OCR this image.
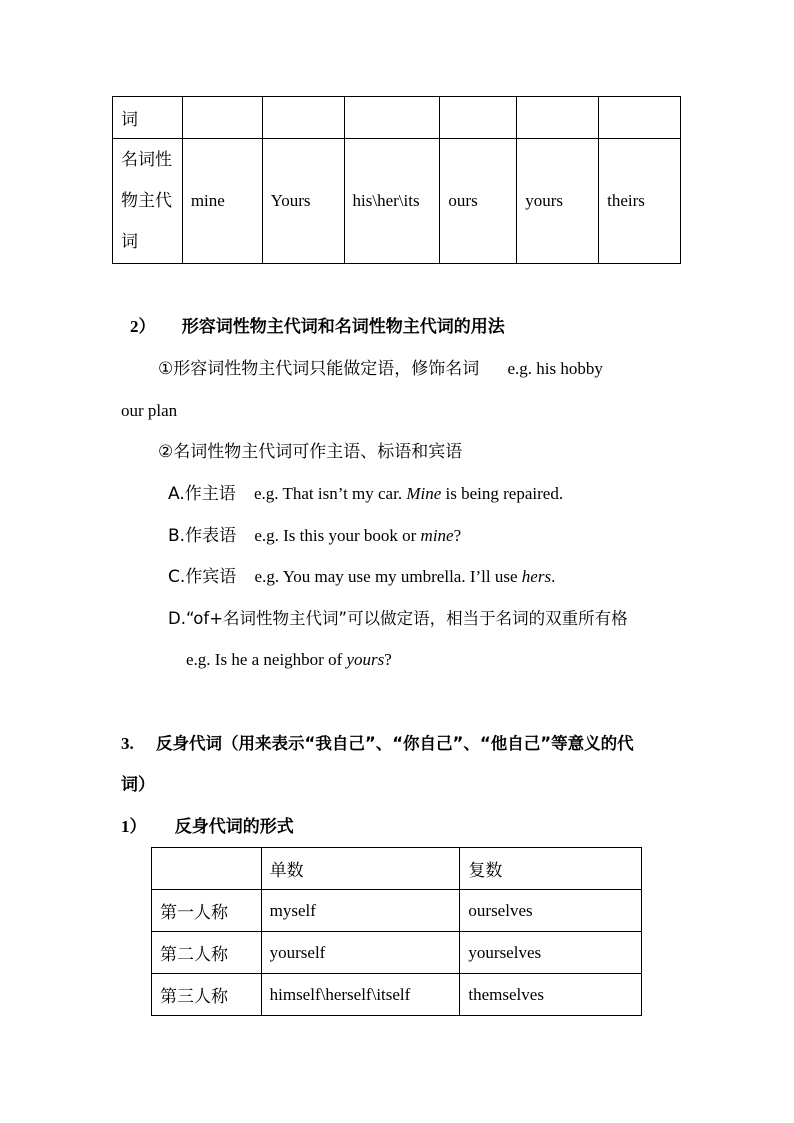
词						

名词性
物主代
词	mine	Yours	his\her\its	ours	yours	theirs
2） 形容词性物主代词和名词性物主代词的用法
①形容词性物主代词只能做定语，修饰名词 e.g. his hobby
our plan
②名词性物主代词可作主语、标语和宾语
A.作主语 e.g. That isn’t my car. Mine is being repaired.
B.作表语 e.g. Is this your book or mine?
C.作宾语 e.g. You may use my umbrella. I’ll use hers.
D.“of+名词性物主代词”可以做定语，相当于名词的双重所有格
e.g. Is he a neighbor of yours?
3. 反身代词（用来表示“我自己”、“你自己”、“他自己”等意义的代
词）
1） 反身代词的形式
	单数	复数
第一人称	myself	ourselves
第二人称	yourself	yourselves
第三人称	himself\herself\itself	themselves
